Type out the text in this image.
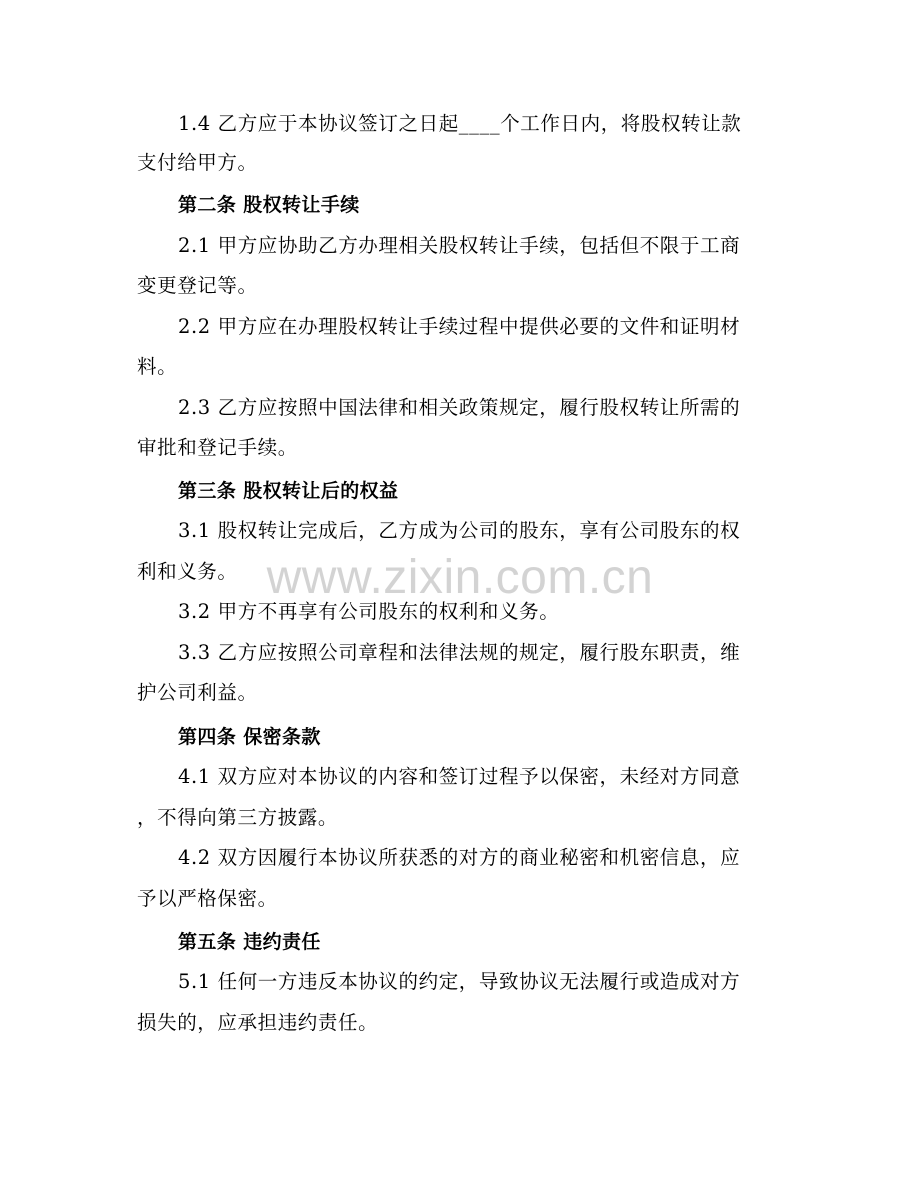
1.4 乙方应于本协议签订之日起____个工作日内，将股权转让款
支付给甲方。
第二条 股权转让手续
2.1 甲方应协助乙方办理相关股权转让手续，包括但不限于工商
变更登记等。
2.2 甲方应在办理股权转让手续过程中提供必要的文件和证明材
料。
2.3 乙方应按照中国法律和相关政策规定，履行股权转让所需的
审批和登记手续。
第三条 股权转让后的权益
3.1 股权转让完成后，乙方成为公司的股东，享有公司股东的权
利和义务。
3.2 甲方不再享有公司股东的权利和义务。
3.3 乙方应按照公司章程和法律法规的规定，履行股东职责，维
护公司利益。
第四条 保密条款
4.1 双方应对本协议的内容和签订过程予以保密，未经对方同意
，不得向第三方披露。
4.2 双方因履行本协议所获悉的对方的商业秘密和机密信息，应
予以严格保密。
第五条 违约责任
5.1 任何一方违反本协议的约定，导致协议无法履行或造成对方
损失的，应承担违约责任。
www.zixin.com.cn
